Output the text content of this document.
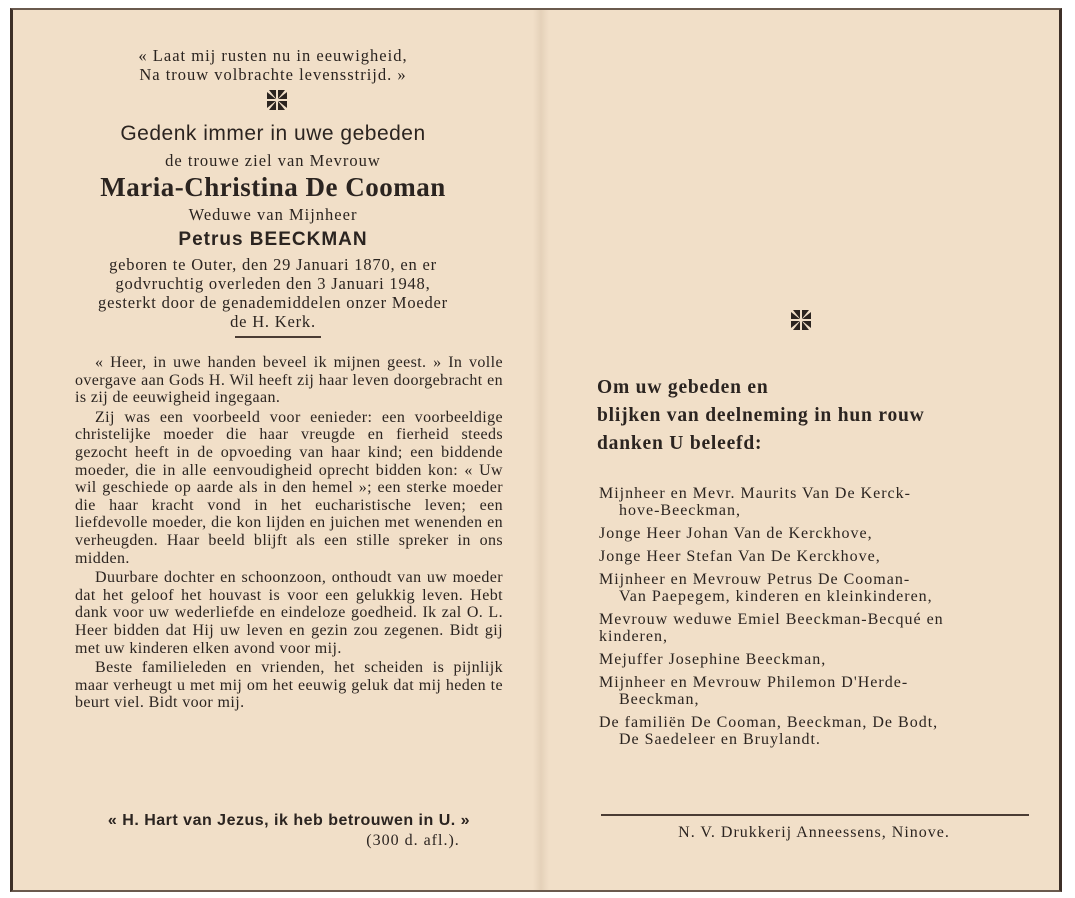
« Laat mij rusten nu in eeuwigheid,
Na trouw volbrachte levensstrijd. »
Gedenk immer in uwe gebeden
de trouwe ziel van Mevrouw
Maria-Christina De Cooman
Weduwe van Mijnheer
Petrus BEECKMAN
geboren te Outer, den 29 Januari 1870, en er
godvruchtig overleden den 3 Januari 1948,
gesterkt door de genademiddelen onzer Moeder
de H. Kerk.

« Heer, in uwe handen beveel ik mijnen geest. » In volle overgave aan Gods H. Wil heeft zij haar leven doorgebracht en is zij de eeuwigheid ingegaan.

Zij was een voorbeeld voor eenieder: een voorbeeldige christelijke moeder die haar vreugde en fierheid steeds gezocht heeft in de opvoeding van haar kind; een biddende moeder, die in alle eenvoudigheid oprecht bidden kon: « Uw wil geschiede op aarde als in den hemel »; een sterke moeder die haar kracht vond in het eucharistische leven; een liefdevolle moeder, die kon lijden en juichen met wenenden en verheugden. Haar beeld blijft als een stille spreker in ons midden.

Duurbare dochter en schoonzoon, onthoudt van uw moeder dat het geloof het houvast is voor een gelukkig leven. Hebt dank voor uw wederliefde en eindeloze goedheid. Ik zal O. L. Heer bidden dat Hij uw leven en gezin zou zegenen. Bidt gij met uw kinderen elken avond voor mij.

Beste familieleden en vrienden, het scheiden is pijnlijk maar verheugt u met mij om het eeuwig geluk dat mij heden te beurt viel. Bidt voor mij.

« H. Hart van Jezus, ik heb betrouwen in U. »
(300 d. afl.).
Om uw gebeden en
blijken van deelneming in hun rouw
danken U beleefd:
Mijnheer en Mevr. Maurits Van De Kerck-
hove-Beeckman,
Jonge Heer Johan Van de Kerckhove,
Jonge Heer Stefan Van De Kerckhove,
Mijnheer en Mevrouw Petrus De Cooman-
Van Paepegem, kinderen en kleinkinderen,
Mevrouw weduwe Emiel Beeckman-Becqué en
kinderen,
Mejuffer Josephine Beeckman,
Mijnheer en Mevrouw Philemon D'Herde-
Beeckman,
De familiën De Cooman, Beeckman, De Bodt,
De Saedeleer en Bruylandt.
N. V. Drukkerij Anneessens, Ninove.
